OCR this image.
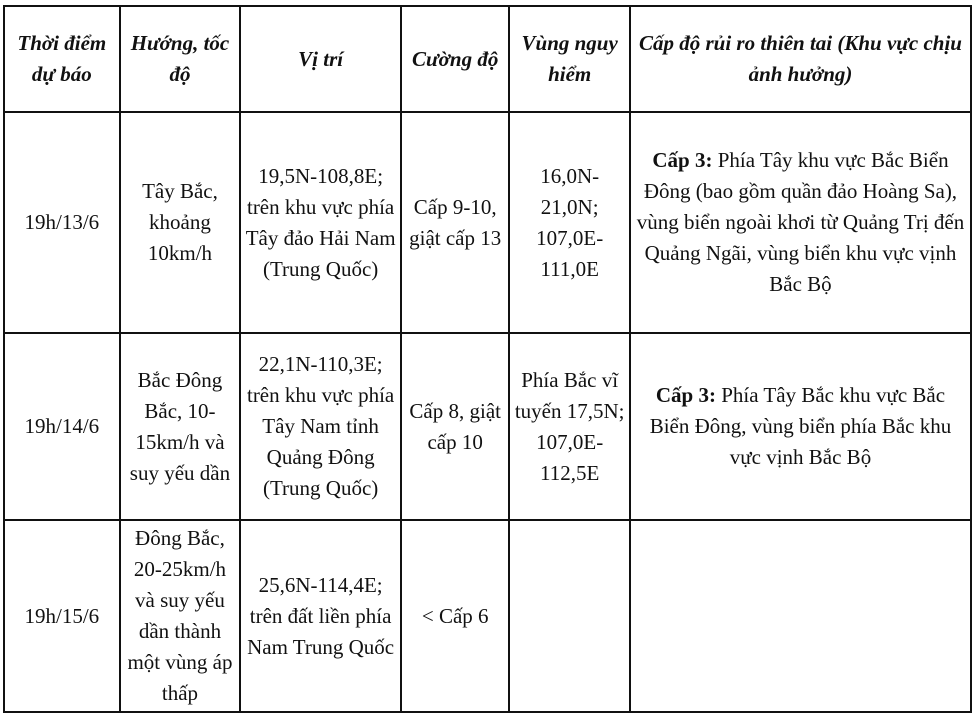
Thời điểm dự báo	Hướng, tốc độ	Vị trí	Cường độ	Vùng nguy hiểm	Cấp độ rủi ro thiên tai (Khu vực chịu ảnh hưởng)
19h/13/6	Tây Bắc, khoảng 10km/h	19,5N-108,8E; trên khu vực phía Tây đảo Hải Nam (Trung Quốc)	Cấp 9-10, giật cấp 13	16,0N-21,0N; 107,0E-111,0E	Cấp 3: Phía Tây khu vực Bắc Biển Đông (bao gồm quần đảo Hoàng Sa), vùng biển ngoài khơi từ Quảng Trị đến Quảng Ngãi, vùng biển khu vực vịnh Bắc Bộ
19h/14/6	Bắc Đông Bắc, 10-15km/h và suy yếu dần	22,1N-110,3E; trên khu vực phía Tây Nam tỉnh Quảng Đông (Trung Quốc)	Cấp 8, giật cấp 10	Phía Bắc vĩ tuyến 17,5N; 107,0E-112,5E	Cấp 3: Phía Tây Bắc khu vực Bắc Biển Đông, vùng biển phía Bắc khu vực vịnh Bắc Bộ
19h/15/6	Đông Bắc, 20-25km/h và suy yếu dần thành một vùng áp thấp	25,6N-114,4E; trên đất liền phía Nam Trung Quốc	< Cấp 6		
